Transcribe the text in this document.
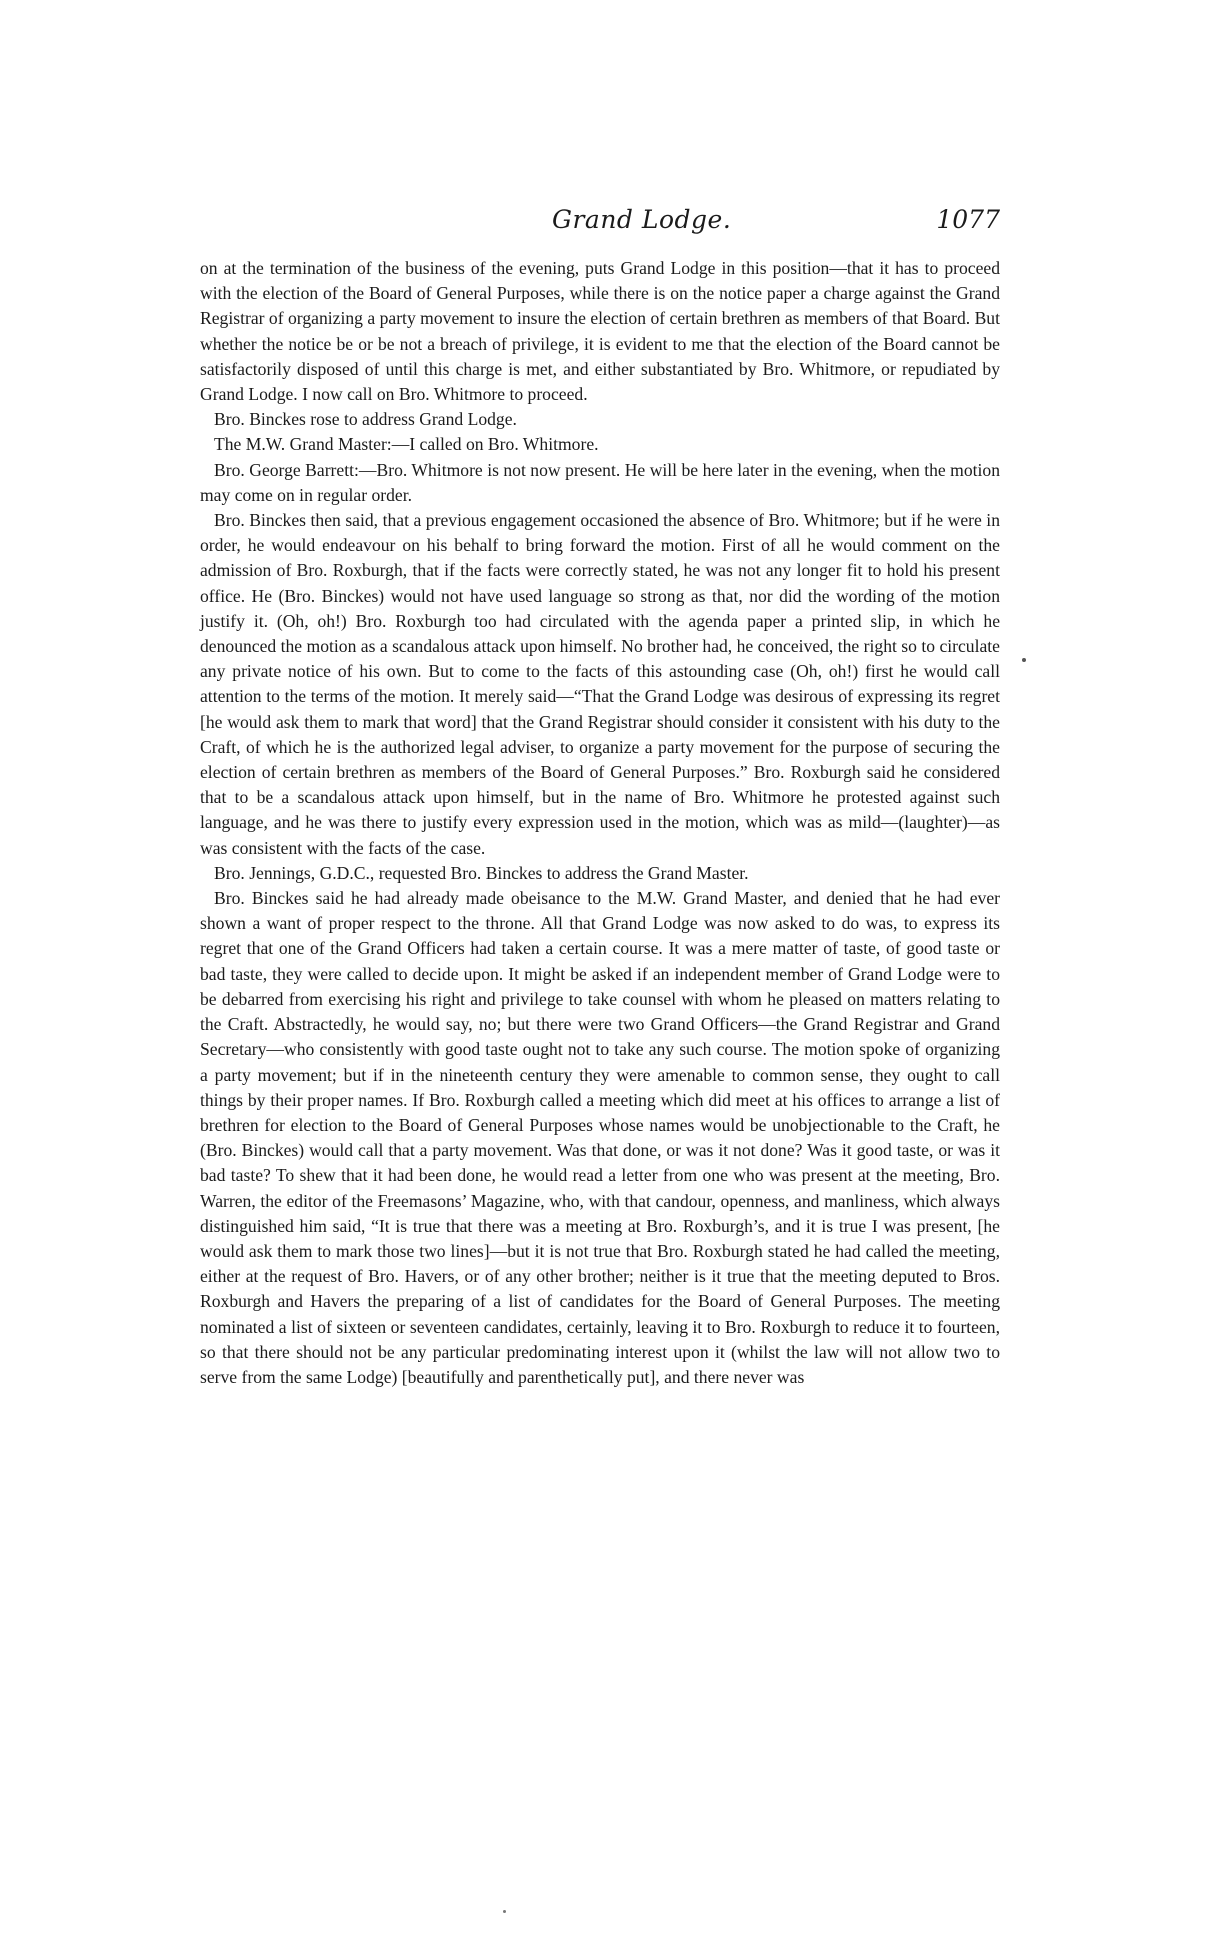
Grand Lodge.	1077

on at the termination of the business of the evening, puts Grand Lodge in this position—that it has to proceed with the election of the Board of General Purposes, while there is on the notice paper a charge against the Grand Registrar of organizing a party movement to insure the election of certain brethren as members of that Board. But whether the notice be or be not a breach of privilege, it is evident to me that the election of the Board cannot be satisfactorily disposed of until this charge is met, and either substantiated by Bro. Whitmore, or repudiated by Grand Lodge. I now call on Bro. Whitmore to proceed.

Bro. Binckes rose to address Grand Lodge.

The M.W. Grand Master:—I called on Bro. Whitmore.

Bro. George Barrett:—Bro. Whitmore is not now present. He will be here later in the evening, when the motion may come on in regular order.

Bro. Binckes then said, that a previous engagement occasioned the absence of Bro. Whitmore; but if he were in order, he would endeavour on his behalf to bring forward the motion. First of all he would comment on the admission of Bro. Roxburgh, that if the facts were correctly stated, he was not any longer fit to hold his present office. He (Bro. Binckes) would not have used language so strong as that, nor did the wording of the motion justify it. (Oh, oh!) Bro. Roxburgh too had circulated with the agenda paper a printed slip, in which he denounced the motion as a scandalous attack upon himself. No brother had, he conceived, the right so to circulate any private notice of his own. But to come to the facts of this astounding case (Oh, oh!) first he would call attention to the terms of the motion. It merely said—“That the Grand Lodge was desirous of expressing its regret [he would ask them to mark that word] that the Grand Registrar should consider it consistent with his duty to the Craft, of which he is the authorized legal adviser, to organize a party movement for the purpose of securing the election of certain brethren as members of the Board of General Purposes.” Bro. Roxburgh said he considered that to be a scandalous attack upon himself, but in the name of Bro. Whitmore he protested against such language, and he was there to justify every expression used in the motion, which was as mild—(laughter)—as was consistent with the facts of the case.

Bro. Jennings, G.D.C., requested Bro. Binckes to address the Grand Master.

Bro. Binckes said he had already made obeisance to the M.W. Grand Master, and denied that he had ever shown a want of proper respect to the throne. All that Grand Lodge was now asked to do was, to express its regret that one of the Grand Officers had taken a certain course. It was a mere matter of taste, of good taste or bad taste, they were called to decide upon. It might be asked if an independent member of Grand Lodge were to be debarred from exercising his right and privilege to take counsel with whom he pleased on matters relating to the Craft. Abstractedly, he would say, no; but there were two Grand Officers—the Grand Registrar and Grand Secretary—who consistently with good taste ought not to take any such course. The motion spoke of organizing a party movement; but if in the nineteenth century they were amenable to common sense, they ought to call things by their proper names. If Bro. Roxburgh called a meeting which did meet at his offices to arrange a list of brethren for election to the Board of General Purposes whose names would be unobjectionable to the Craft, he (Bro. Binckes) would call that a party movement. Was that done, or was it not done? Was it good taste, or was it bad taste? To shew that it had been done, he would read a letter from one who was present at the meeting, Bro. Warren, the editor of the Freemasons’ Magazine, who, with that candour, openness, and manliness, which always distinguished him said, “It is true that there was a meeting at Bro. Roxburgh’s, and it is true I was present, [he would ask them to mark those two lines]—but it is not true that Bro. Roxburgh stated he had called the meeting, either at the request of Bro. Havers, or of any other brother; neither is it true that the meeting deputed to Bros. Roxburgh and Havers the preparing of a list of candidates for the Board of General Purposes. The meeting nominated a list of sixteen or seventeen candidates, certainly, leaving it to Bro. Roxburgh to reduce it to fourteen, so that there should not be any particular predominating interest upon it (whilst the law will not allow two to serve from the same Lodge) [beautifully and parenthetically put], and there never was
